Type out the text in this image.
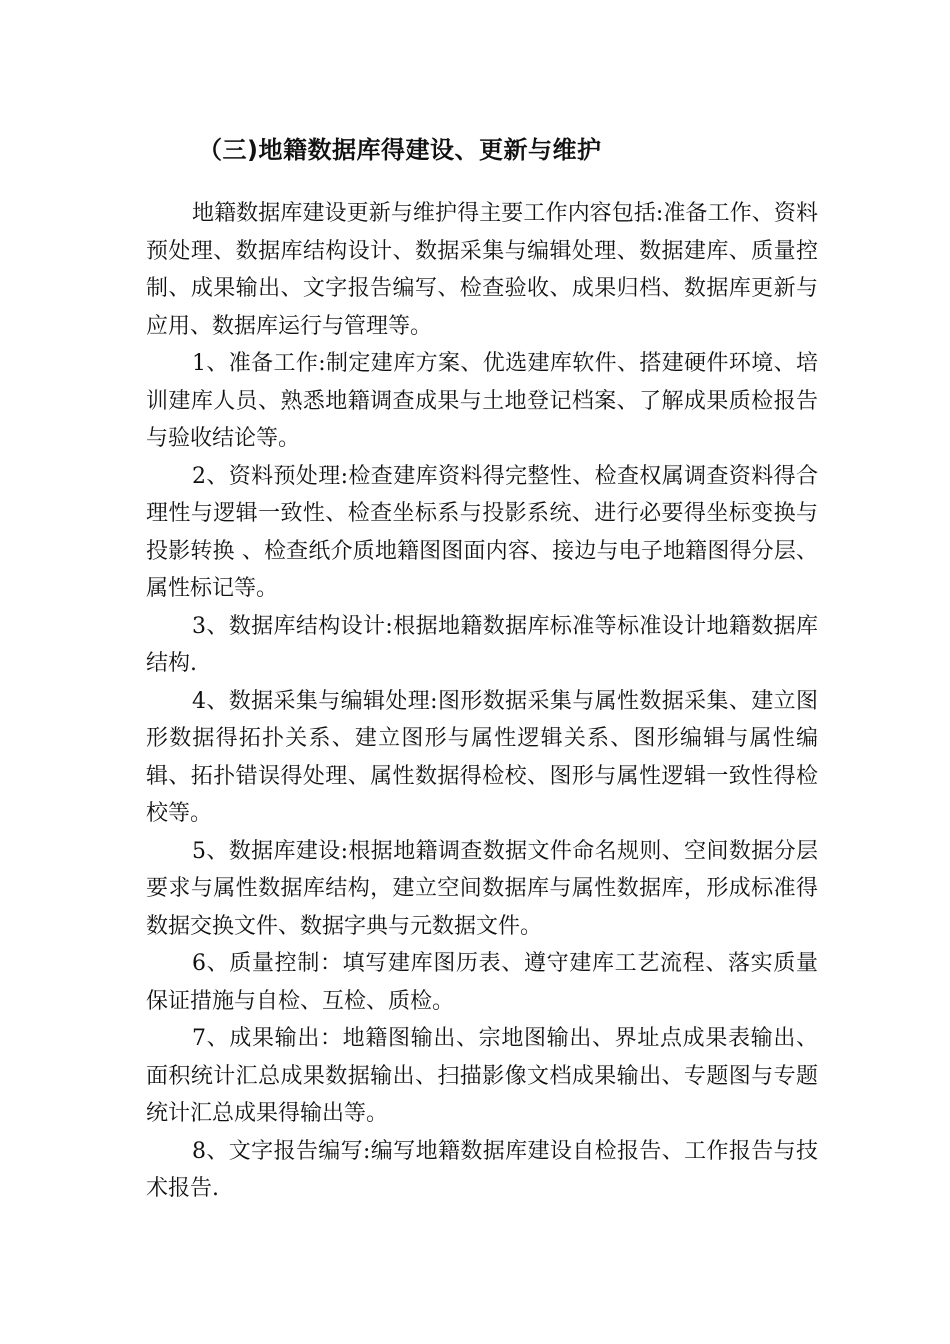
（三)地籍数据库得建设、更新与维护

地籍数据库建设更新与维护得主要工作内容包括:准备工作、资料预处理、数据库结构设计、数据采集与编辑处理、数据建库、质量控制、成果输出、文字报告编写、检查验收、成果归档、数据库更新与应用、数据库运行与管理等。

1、准备工作:制定建库方案、优选建库软件、搭建硬件环境、培训建库人员、熟悉地籍调查成果与土地登记档案、了解成果质检报告与验收结论等。

2、资料预处理:检查建库资料得完整性、检查权属调查资料得合理性与逻辑一致性、检查坐标系与投影系统、进行必要得坐标变换与投影转换 、检查纸介质地籍图图面内容、接边与电子地籍图得分层、属性标记等。

3、数据库结构设计:根据地籍数据库标准等标准设计地籍数据库结构.

4、数据采集与编辑处理:图形数据采集与属性数据采集、建立图形数据得拓扑关系、建立图形与属性逻辑关系、图形编辑与属性编辑、拓扑错误得处理、属性数据得检校、图形与属性逻辑一致性得检校等。

5、数据库建设:根据地籍调查数据文件命名规则、空间数据分层要求与属性数据库结构，建立空间数据库与属性数据库，形成标准得数据交换文件、数据字典与元数据文件。

6、质量控制：填写建库图历表、遵守建库工艺流程、落实质量保证措施与自检、互检、质检。

7、成果输出：地籍图输出、宗地图输出、界址点成果表输出、面积统计汇总成果数据输出、扫描影像文档成果输出、专题图与专题统计汇总成果得输出等。

8、文字报告编写:编写地籍数据库建设自检报告、工作报告与技术报告.
